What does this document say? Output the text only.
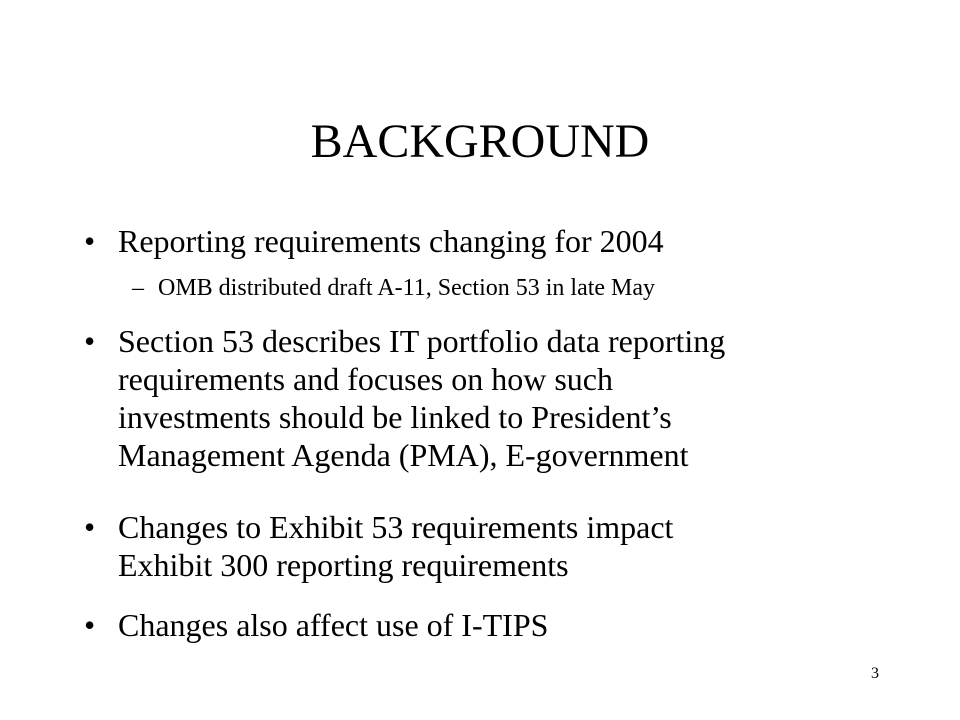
BACKGROUND
• Reporting requirements changing for 2004
– OMB distributed draft A-11, Section 53 in late May
• Section 53 describes IT portfolio data reporting
requirements and focuses on how such
investments should be linked to President’s
Management Agenda (PMA), E-government
• Changes to Exhibit 53 requirements impact
Exhibit 300 reporting requirements
• Changes also affect use of I-TIPS
3
